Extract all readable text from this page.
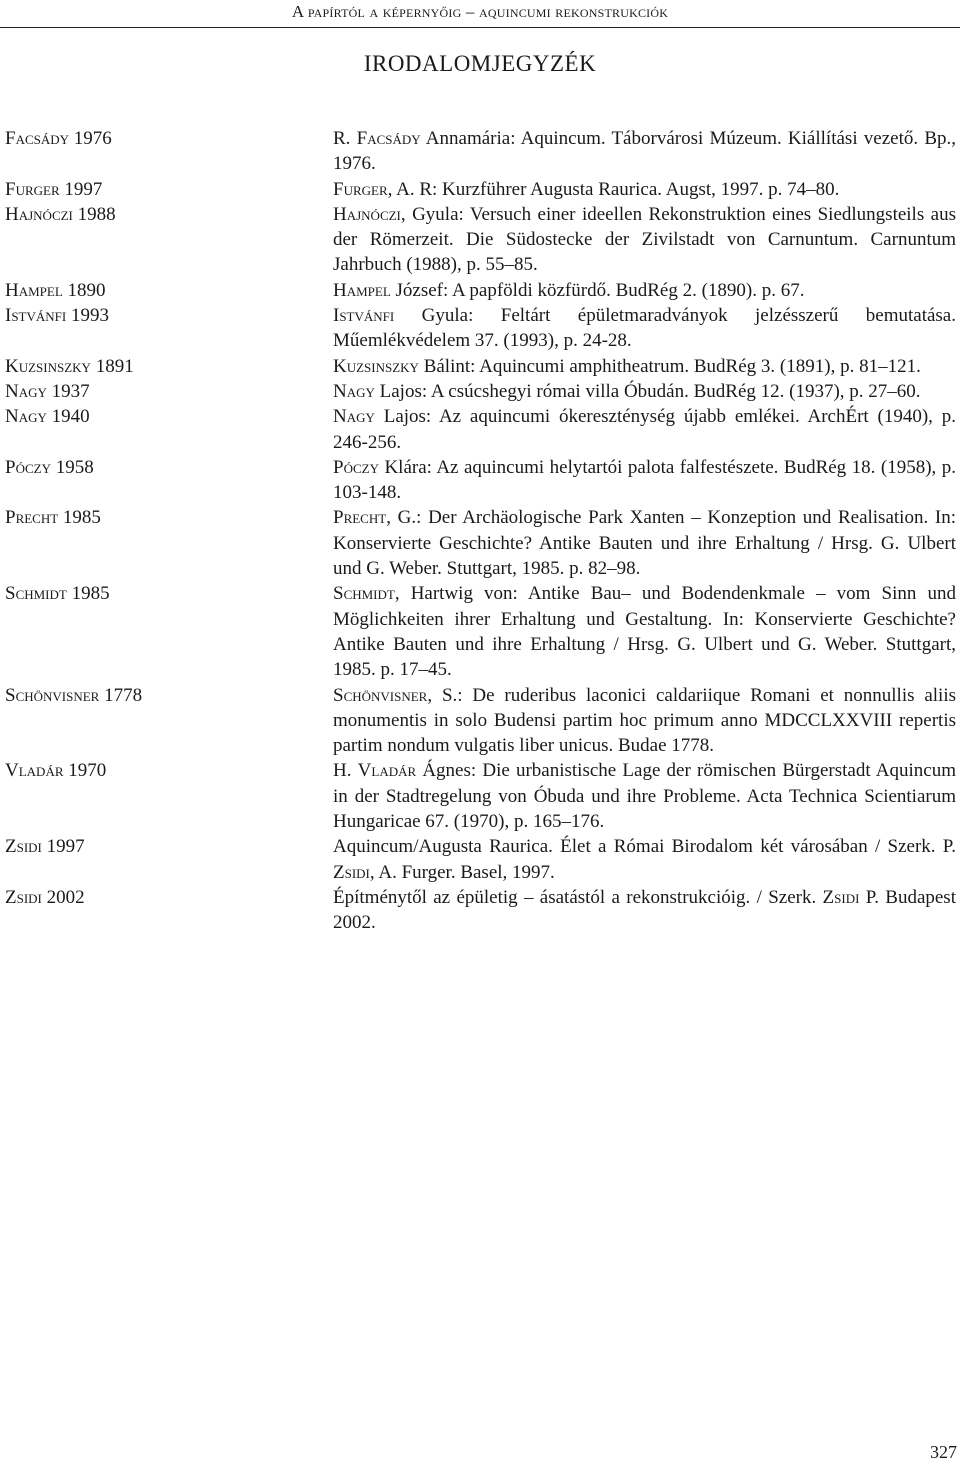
A papírtól a képernyőig – aquincumi rekonstrukciók
IRODALOMJEGYZÉK
Facsády 1976	R. Facsády Annamária: Aquincum. Táborvárosi Múzeum. Kiállítási vezető. Bp., 1976.
Furger 1997	Furger, A. R: Kurzführer Augusta Raurica. Augst, 1997. p. 74–80.
Hajnóczi 1988	Hajnóczi, Gyula: Versuch einer ideellen Rekonstruktion eines Siedlungsteils aus der Römerzeit. Die Südostecke der Zivilstadt von Carnuntum. Carnuntum Jahrbuch (1988), p. 55–85.
Hampel 1890	Hampel József: A papföldi közfürdő. BudRég 2. (1890). p. 67.
Istvánfi 1993	Istvánfi Gyula: Feltárt épületmaradványok jelzésszerű bemutatása. Műemlékvédelem 37. (1993), p. 24-28.
Kuzsinszky 1891	Kuzsinszky Bálint: Aquincumi amphitheatrum. BudRég 3. (1891), p. 81–121.
Nagy 1937	Nagy Lajos: A csúcshegyi római villa Óbudán. BudRég 12. (1937), p. 27–60.
Nagy 1940	Nagy Lajos: Az aquincumi ókereszténység újabb emlékei. ArchÉrt (1940), p. 246-256.
Póczy 1958	Póczy Klára: Az aquincumi helytartói palota falfestészete. BudRég 18. (1958), p. 103-148.
Precht 1985	Precht, G.: Der Archäologische Park Xanten – Konzeption und Realisation. In: Konservierte Geschichte? Antike Bauten und ihre Erhaltung / Hrsg. G. Ulbert und G. Weber. Stuttgart, 1985. p. 82–98.
Schmidt 1985	Schmidt, Hartwig von: Antike Bau– und Bodendenkmale – vom Sinn und Möglichkeiten ihrer Erhaltung und Gestaltung. In: Konservierte Geschichte? Antike Bauten und ihre Erhaltung / Hrsg. G. Ulbert und G. Weber. Stuttgart, 1985. p. 17–45.
Schönvisner 1778	Schönvisner, S.: De ruderibus laconici caldariique Romani et nonnullis aliis monumentis in solo Budensi partim hoc primum anno MDCCLXXVIII repertis partim nondum vulgatis liber unicus. Budae 1778.
Vladár 1970	H. Vladár Ágnes: Die urbanistische Lage der römischen Bürgerstadt Aquincum in der Stadtregelung von Óbuda und ihre Probleme. Acta Technica Scientiarum Hungaricae 67. (1970), p. 165–176.
Zsidi 1997	Aquincum/Augusta Raurica. Élet a Római Birodalom két városában / Szerk. P. Zsidi, A. Furger. Basel, 1997.
Zsidi 2002	Építménytől az épületig – ásatástól a rekonstrukcióig. / Szerk. Zsidi P. Budapest 2002.
327
